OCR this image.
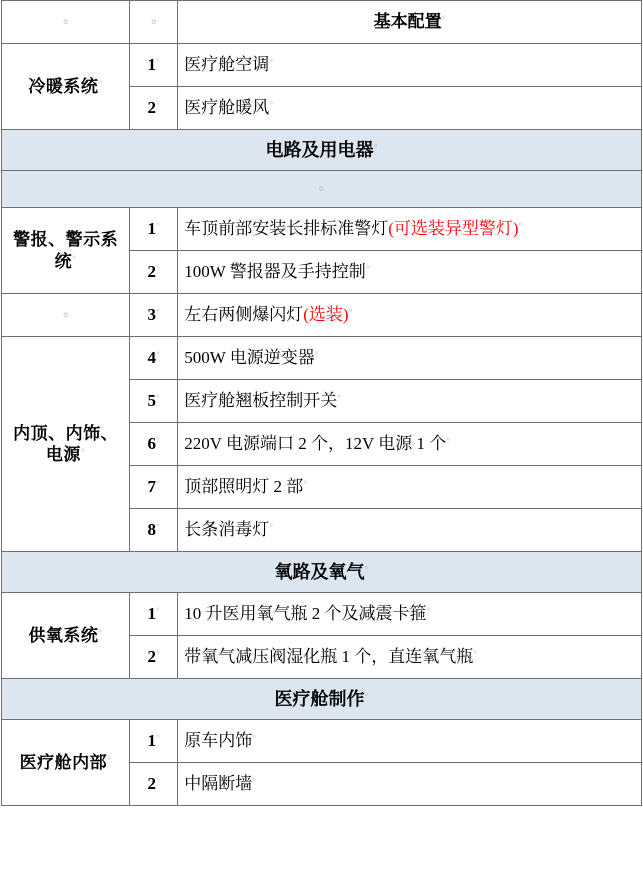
◦	◦	基本配置◦
冷暖系统◦	1◦	医疗舱空调◦
	2◦	医疗舱暖风◦
电路及用电器◦
◦		
警报、警示系统◦	1◦	车顶前部安装长排标准警灯(可选装异型警灯)◦
	2◦	100W 警报器及手持控制◦
◦	3◦	左右两侧爆闪灯(选装)◦
内顶、内饰、电源◦	4◦	500W 电源逆变器◦
	5◦	医疗舱翘板控制开关◦
	6◦	220V 电源端口 2 个，12V 电源 1 个◦
	7◦	顶部照明灯 2 部◦
	8◦	长条消毒灯◦
氧路及氧气◦
供氧系统◦	1◦	10 升医用氧气瓶 2 个及减震卡箍◦
	2◦	带氧气减压阀湿化瓶 1 个，直连氧气瓶◦
医疗舱制作◦
医疗舱内部◦	1◦	原车内饰◦
	2◦	中隔断墙◦
